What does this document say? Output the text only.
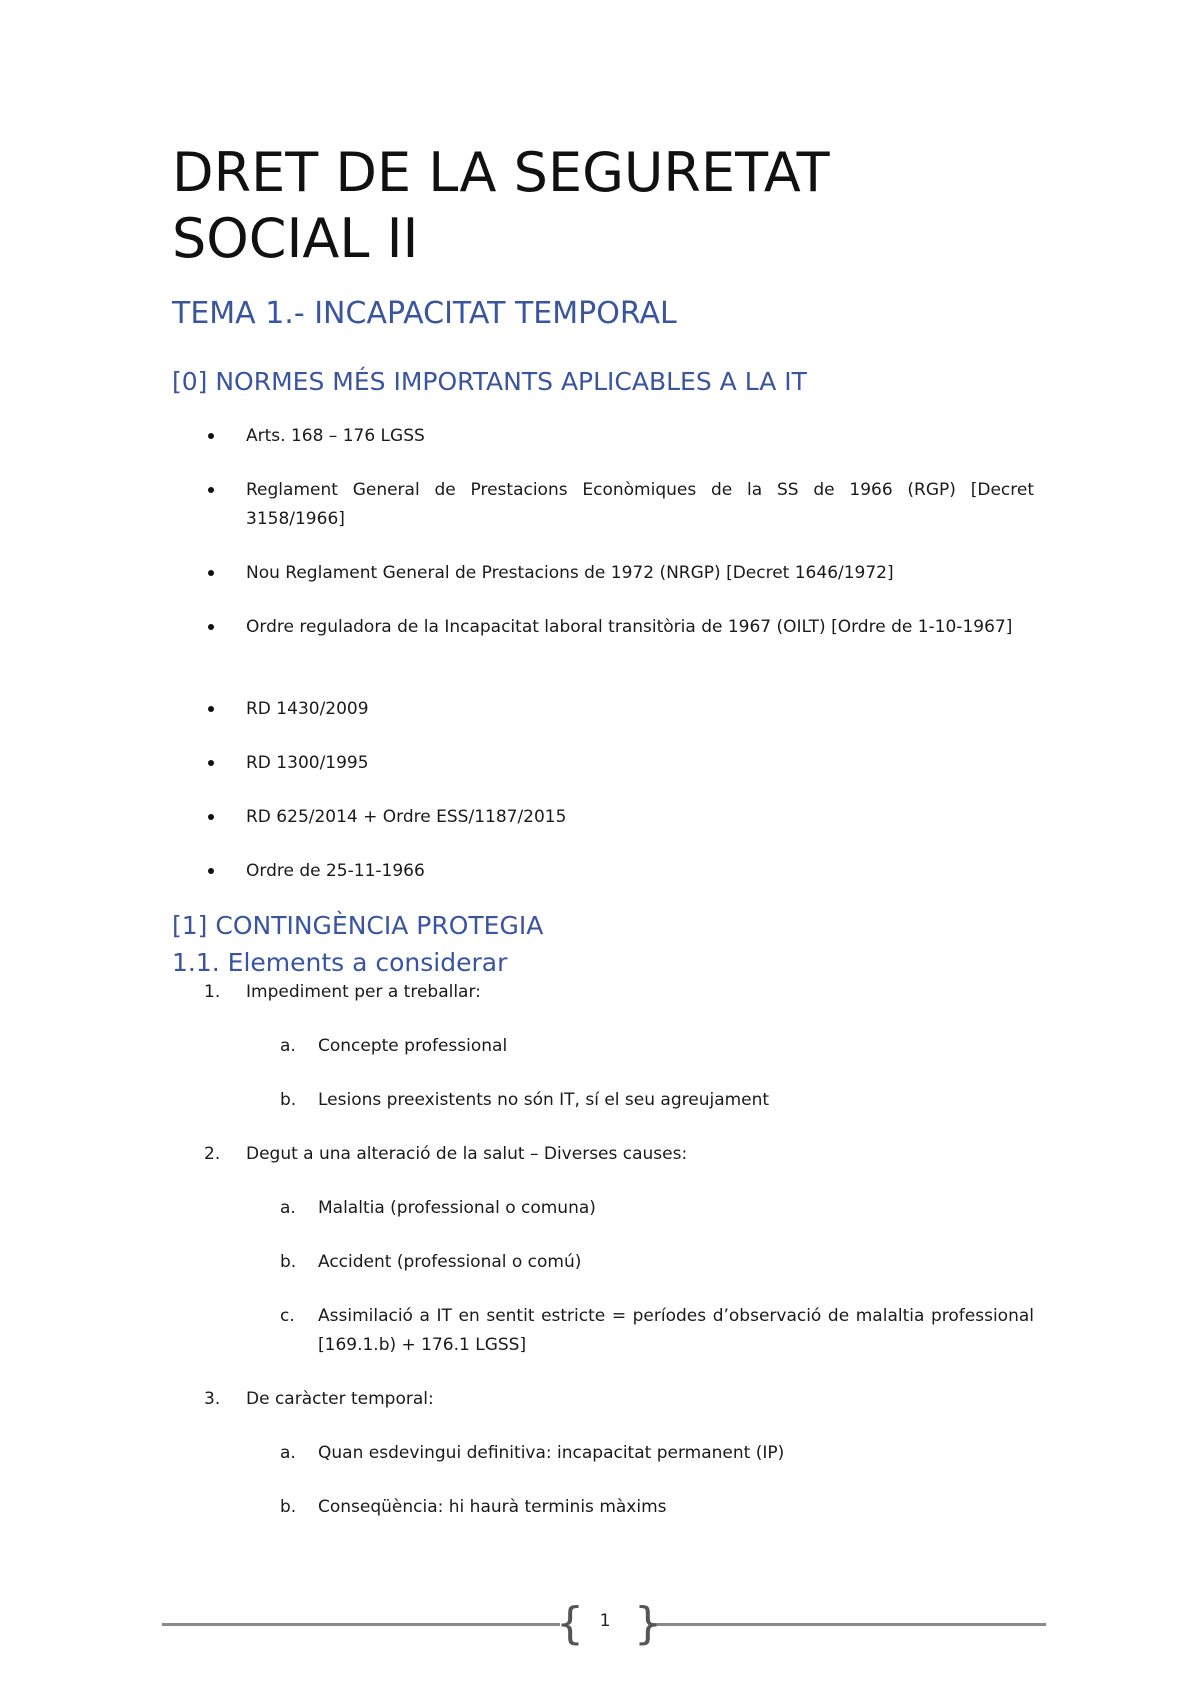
DRET DE LA SEGURETAT SOCIAL II
TEMA 1.- INCAPACITAT TEMPORAL
[0] NORMES MÉS IMPORTANTS APLICABLES A LA IT
Arts. 168 – 176 LGSS
Reglament General de Prestacions Econòmiques de la SS de 1966 (RGP) [Decret 3158/1966]
Nou Reglament General de Prestacions de 1972 (NRGP) [Decret 1646/1972]
Ordre reguladora de la Incapacitat laboral transitòria de 1967 (OILT) [Ordre de 1-10-1967]
RD 1430/2009
RD 1300/1995
RD 625/2014 + Ordre ESS/1187/2015
Ordre de 25-11-1966
[1] CONTINGÈNCIA PROTEGIA
1.1. Elements a considerar
1. Impediment per a treballar:
a. Concepte professional
b. Lesions preexistents no són IT, sí el seu agreujament
2. Degut a una alteració de la salut – Diverses causes:
a. Malaltia (professional o comuna)
b. Accident (professional o comú)
c. Assimilació a IT en sentit estricte = períodes d’observació de malaltia professional [169.1.b) + 176.1 LGSS]
3. De caràcter temporal:
a. Quan esdevingui definitiva: incapacitat permanent (IP)
b. Conseqüència: hi haurà terminis màxims
{ }
1
